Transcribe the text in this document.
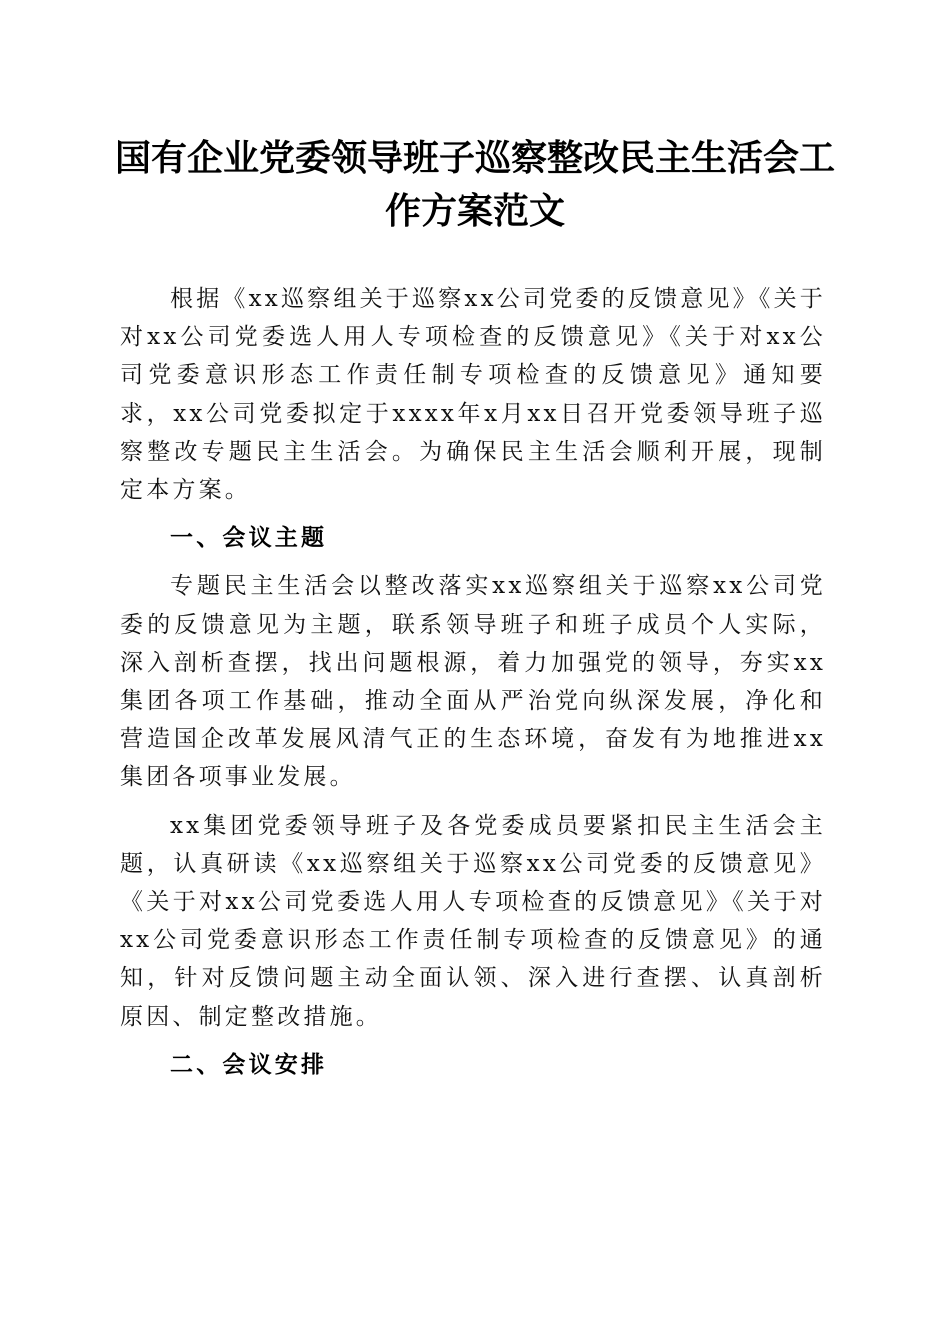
国有企业党委领导班子巡察整改民主生活会工作方案范文

根据《xx巡察组关于巡察xx公司党委的反馈意见》《关于对xx公司党委选人用人专项检查的反馈意见》《关于对xx公司党委意识形态工作责任制专项检查的反馈意见》通知要求，xx公司党委拟定于xxxx年x月xx日召开党委领导班子巡察整改专题民主生活会。为确保民主生活会顺利开展，现制定本方案。

一、会议主题

专题民主生活会以整改落实xx巡察组关于巡察xx公司党委的反馈意见为主题，联系领导班子和班子成员个人实际，深入剖析查摆，找出问题根源，着力加强党的领导，夯实xx集团各项工作基础，推动全面从严治党向纵深发展，净化和营造国企改革发展风清气正的生态环境，奋发有为地推进xx集团各项事业发展。

xx集团党委领导班子及各党委成员要紧扣民主生活会主题，认真研读《xx巡察组关于巡察xx公司党委的反馈意见》《关于对xx公司党委选人用人专项检查的反馈意见》《关于对xx公司党委意识形态工作责任制专项检查的反馈意见》的通知，针对反馈问题主动全面认领、深入进行查摆、认真剖析原因、制定整改措施。

二、会议安排
